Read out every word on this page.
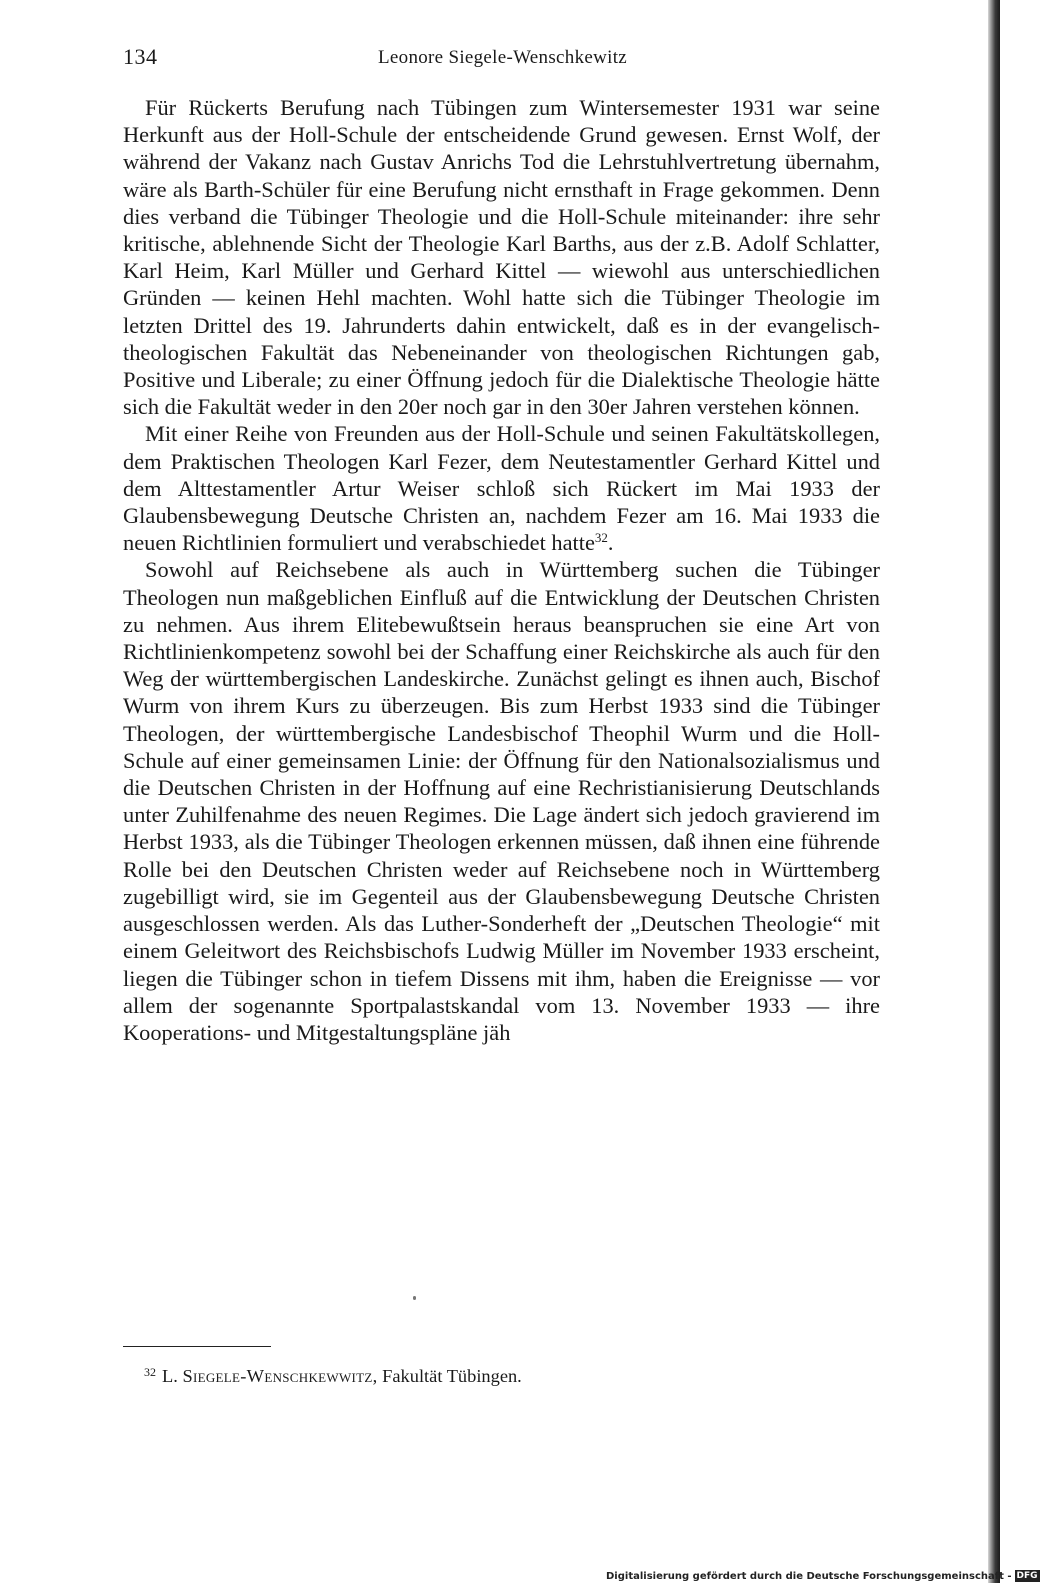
134	Leonore Siegele-Wenschkewitz

Für Rückerts Berufung nach Tübingen zum Wintersemester 1931 war seine Herkunft aus der Holl-Schule der entscheidende Grund gewesen. Ernst Wolf, der während der Vakanz nach Gustav Anrichs Tod die Lehrstuhlvertretung übernahm, wäre als Barth-Schüler für eine Berufung nicht ernsthaft in Frage gekommen. Denn dies verband die Tübinger Theologie und die Holl-Schule miteinander: ihre sehr kritische, ablehnende Sicht der Theologie Karl Barths, aus der z.B. Adolf Schlatter, Karl Heim, Karl Müller und Gerhard Kittel — wiewohl aus unterschiedlichen Gründen — keinen Hehl machten. Wohl hatte sich die Tübinger Theologie im letzten Drittel des 19. Jahrunderts dahin entwickelt, daß es in der evangelisch-theologischen Fakultät das Nebeneinander von theologischen Richtungen gab, Positive und Liberale; zu einer Öffnung jedoch für die Dialektische Theologie hätte sich die Fakultät weder in den 20er noch gar in den 30er Jahren verstehen können.

Mit einer Reihe von Freunden aus der Holl-Schule und seinen Fakultätskollegen, dem Praktischen Theologen Karl Fezer, dem Neutestamentler Gerhard Kittel und dem Alttestamentler Artur Weiser schloß sich Rückert im Mai 1933 der Glaubensbewegung Deutsche Christen an, nachdem Fezer am 16. Mai 1933 die neuen Richtlinien formuliert und verabschiedet hatte$^{32}$.

Sowohl auf Reichsebene als auch in Württemberg suchen die Tübinger Theologen nun maßgeblichen Einfluß auf die Entwicklung der Deutschen Christen zu nehmen. Aus ihrem Elitebewußtsein heraus beanspruchen sie eine Art von Richtlinienkompetenz sowohl bei der Schaffung einer Reichskirche als auch für den Weg der württembergischen Landeskirche. Zunächst gelingt es ihnen auch, Bischof Wurm von ihrem Kurs zu überzeugen. Bis zum Herbst 1933 sind die Tübinger Theologen, der württembergische Landesbischof Theophil Wurm und die Holl-Schule auf einer gemeinsamen Linie: der Öffnung für den Nationalsozialismus und die Deutschen Christen in der Hoffnung auf eine Rechristianisierung Deutschlands unter Zuhilfenahme des neuen Regimes. Die Lage ändert sich jedoch gravierend im Herbst 1933, als die Tübinger Theologen erkennen müssen, daß ihnen eine führende Rolle bei den Deutschen Christen weder auf Reichsebene noch in Württemberg zugebilligt wird, sie im Gegenteil aus der Glaubensbewegung Deutsche Christen ausgeschlossen werden. Als das Luther-Sonderheft der „Deutschen Theologie“ mit einem Geleitwort des Reichsbischofs Ludwig Müller im November 1933 erscheint, liegen die Tübinger schon in tiefem Dissens mit ihm, haben die Ereignisse — vor allem der sogenannte Sportpalastskandal vom 13. November 1933 — ihre Kooperations- und Mitgestaltungspläne jäh

$^{32}$ L. Siegele-Wenschkewwitz, Fakultät Tübingen.
Digitalisierung gefördert durch die Deutsche Forschungsgemeinschaft - DFG
